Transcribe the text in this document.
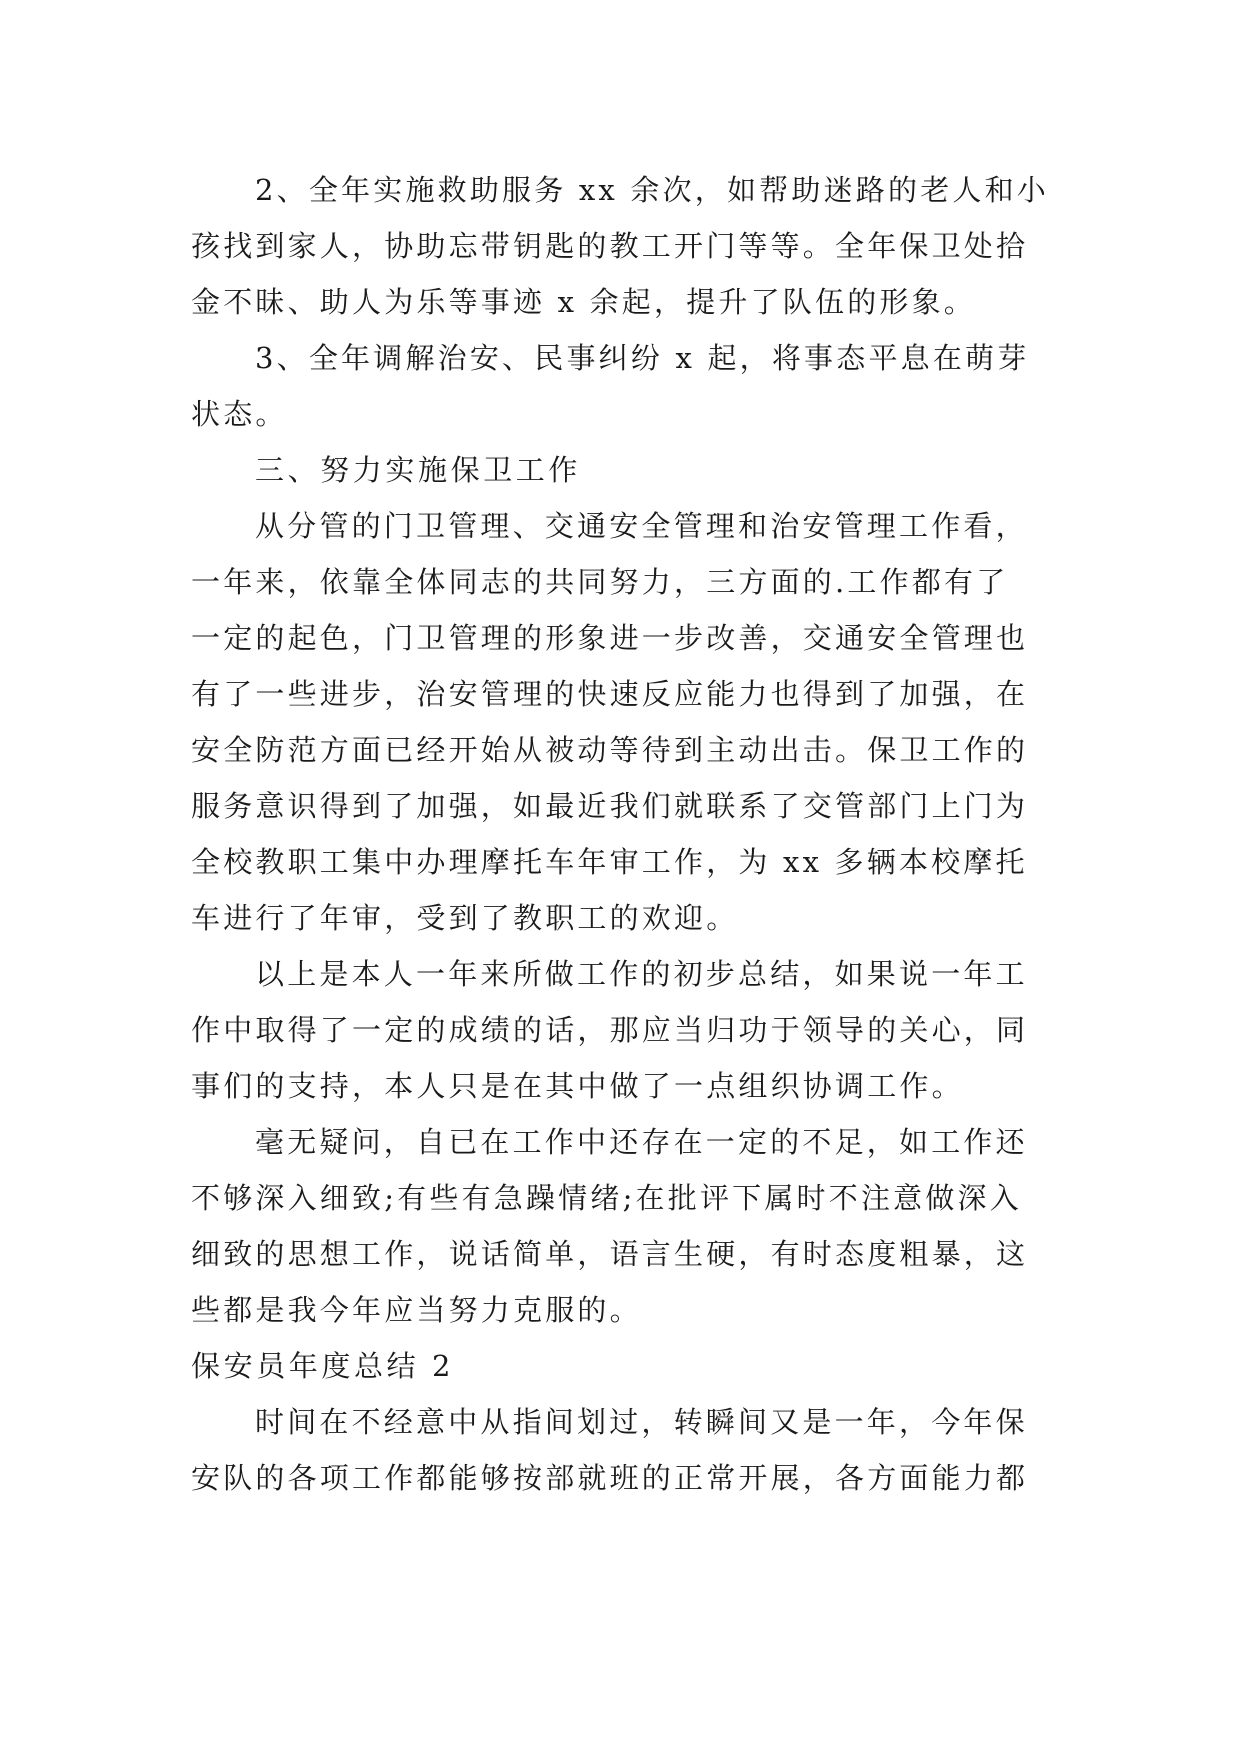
2、全年实施救助服务 xx 余次，如帮助迷路的老人和小
孩找到家人，协助忘带钥匙的教工开门等等。全年保卫处拾
金不昧、助人为乐等事迹 x 余起，提升了队伍的形象。
3、全年调解治安、民事纠纷 x 起，将事态平息在萌芽
状态。
三、努力实施保卫工作
从分管的门卫管理、交通安全管理和治安管理工作看，
一年来，依靠全体同志的共同努力，三方面的.工作都有了
一定的起色，门卫管理的形象进一步改善，交通安全管理也
有了一些进步，治安管理的快速反应能力也得到了加强，在
安全防范方面已经开始从被动等待到主动出击。保卫工作的
服务意识得到了加强，如最近我们就联系了交管部门上门为
全校教职工集中办理摩托车年审工作，为 xx 多辆本校摩托
车进行了年审，受到了教职工的欢迎。
以上是本人一年来所做工作的初步总结，如果说一年工
作中取得了一定的成绩的话，那应当归功于领导的关心，同
事们的支持，本人只是在其中做了一点组织协调工作。
毫无疑问，自已在工作中还存在一定的不足，如工作还
不够深入细致;有些有急躁情绪;在批评下属时不注意做深入
细致的思想工作，说话简单，语言生硬，有时态度粗暴，这
些都是我今年应当努力克服的。
保安员年度总结 2
时间在不经意中从指间划过，转瞬间又是一年，今年保
安队的各项工作都能够按部就班的正常开展，各方面能力都
